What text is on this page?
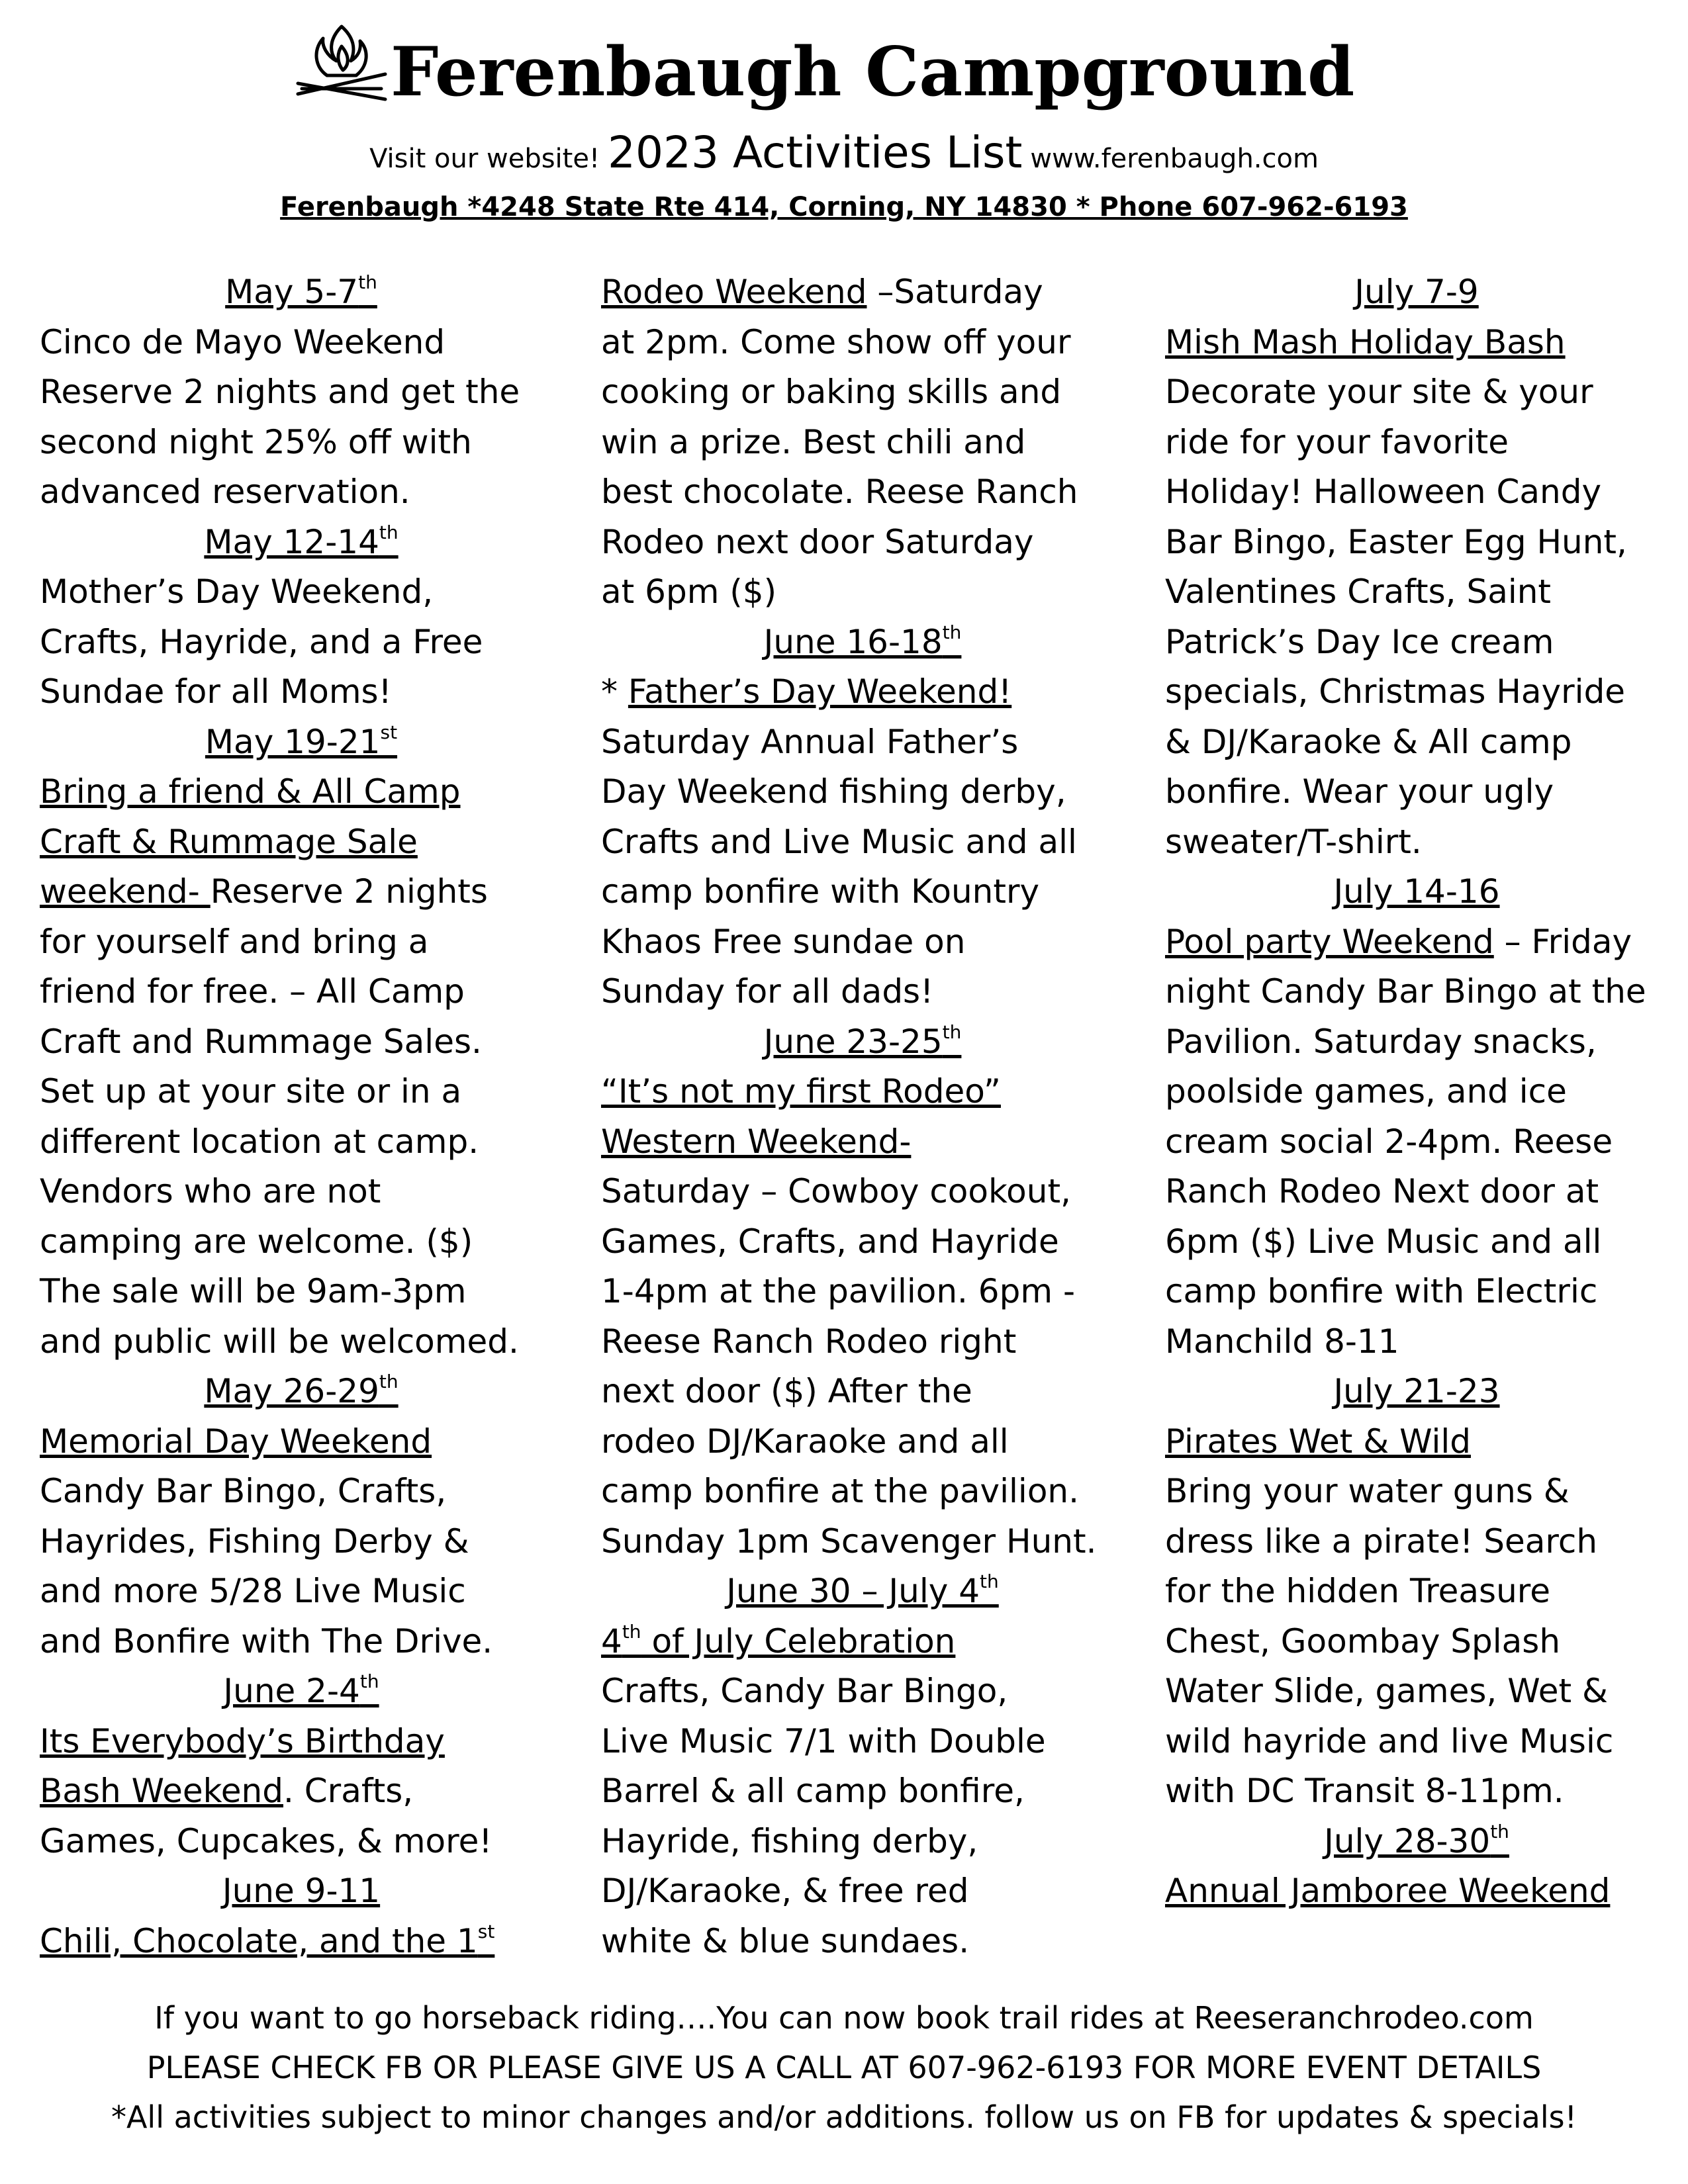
Ferenbaugh Campground
Visit our website! 2023 Activities List www.ferenbaugh.com
Ferenbaugh *4248 State Rte 414, Corning, NY 14830 * Phone 607-962-6193
May 5-7th
Cinco de Mayo Weekend
Reserve 2 nights and get the
second night 25% off with
advanced reservation.
May 12-14th
Mother’s Day Weekend,
Crafts, Hayride, and a Free
Sundae for all Moms!
May 19-21st
Bring a friend & All Camp
Craft & Rummage Sale
weekend- Reserve 2 nights
for yourself and bring a
friend for free. – All Camp
Craft and Rummage Sales.
Set up at your site or in a
different location at camp.
Vendors who are not
camping are welcome. ($)
The sale will be 9am-3pm
and public will be welcomed.
May 26-29th
Memorial Day Weekend
Candy Bar Bingo, Crafts,
Hayrides, Fishing Derby &
and more 5/28 Live Music
and Bonfire with The Drive.
June 2-4th
Its Everybody’s Birthday
Bash Weekend. Crafts,
Games, Cupcakes, & more!
June 9-11
Chili, Chocolate, and the 1st
Rodeo Weekend –Saturday
at 2pm. Come show off your
cooking or baking skills and
win a prize. Best chili and
best chocolate. Reese Ranch
Rodeo next door Saturday
at 6pm ($)
June 16-18th
* Father’s Day Weekend!
Saturday Annual Father’s
Day Weekend fishing derby,
Crafts and Live Music and all
camp bonfire with Kountry
Khaos Free sundae on
Sunday for all dads!
June 23-25th
“It’s not my first Rodeo”
Western Weekend-
Saturday – Cowboy cookout,
Games, Crafts, and Hayride
1-4pm at the pavilion. 6pm -
Reese Ranch Rodeo right
next door ($) After the
rodeo DJ/Karaoke and all
camp bonfire at the pavilion.
Sunday 1pm Scavenger Hunt.
June 30 – July 4th
4th of July Celebration
Crafts, Candy Bar Bingo,
Live Music 7/1 with Double
Barrel & all camp bonfire,
Hayride, fishing derby,
DJ/Karaoke, & free red
white & blue sundaes.
July 7-9
Mish Mash Holiday Bash
Decorate your site & your
ride for your favorite
Holiday! Halloween Candy
Bar Bingo, Easter Egg Hunt,
Valentines Crafts, Saint
Patrick’s Day Ice cream
specials, Christmas Hayride
& DJ/Karaoke & All camp
bonfire. Wear your ugly
sweater/T-shirt.
July 14-16
Pool party Weekend – Friday
night Candy Bar Bingo at the
Pavilion. Saturday snacks,
poolside games, and ice
cream social 2-4pm. Reese
Ranch Rodeo Next door at
6pm ($) Live Music and all
camp bonfire with Electric
Manchild 8-11
July 21-23
Pirates Wet & Wild
Bring your water guns &
dress like a pirate! Search
for the hidden Treasure
Chest, Goombay Splash
Water Slide, games, Wet &
wild hayride and live Music
with DC Transit 8-11pm.
July 28-30th
Annual Jamboree Weekend
If you want to go horseback riding….You can now book trail rides at Reeseranchrodeo.com
PLEASE CHECK FB OR PLEASE GIVE US A CALL AT 607-962-6193 FOR MORE EVENT DETAILS
*All activities subject to minor changes and/or additions. follow us on FB for updates & specials!
